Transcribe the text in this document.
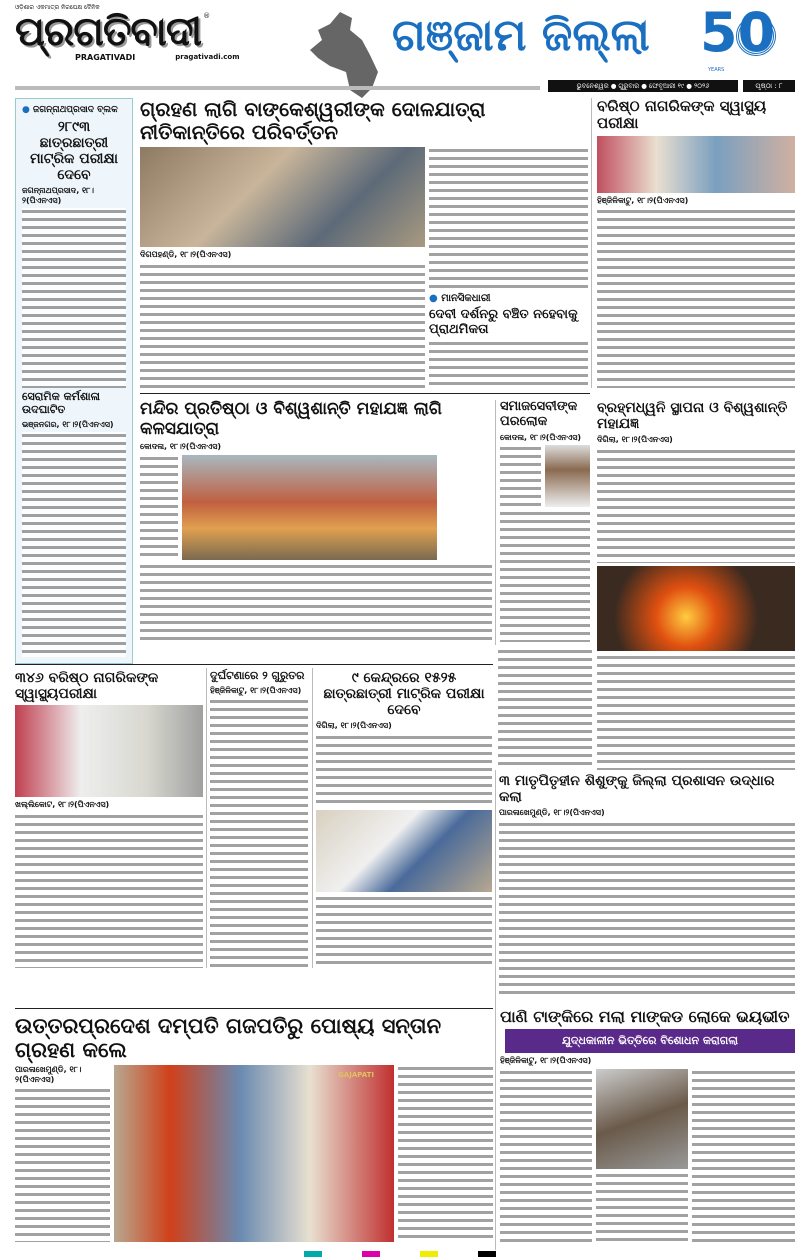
ଓଡ଼ିଶାର ଏକମାତ୍ର ନିରପେକ୍ଷ ଦୈନିକ
ପ୍ରଗତିବାଦୀ ®
PRAGATIVADI	pragativadi.com	ଗଞ୍ଜାମ ଜିଲ୍ଲା 50
YEARS
ଭୁବନେଶ୍ୱର ● ଗୁରୁବାର ● ଫେବୃଆରୀ ୧୯ ● ୨୦୨୬	ପୃଷ୍ଠା : ୮
● ଜଗନ୍ନାଥପ୍ରସାଦ ବ୍ଲକ
୨୮୯୩ ଛାତ୍ରଛାତ୍ରୀ ମାଟ୍ରିକ ପରୀକ୍ଷା ଦେବେ
ଜଗନ୍ନାଥପ୍ରସାଦ, ୧୮।୨(ପିଏନଏସ)
ସେରାମିକ କର୍ମଶାଳା ଉଦଘାଟିତ
ଭଞ୍ଜନଗର, ୧୮।୨(ପିଏନଏସ)
ଗ୍ରହଣ ଲାଗି ବାଙ୍କେଶ୍ୱରୀଙ୍କ ଦୋଳଯାତ୍ରା ନୀତିକାନ୍ତିରେ ପରିବର୍ତ୍ତନ
ଦିଗପହଣ୍ଡି, ୧୮।୨(ପିଏନଏସ)
● ମାନସିକଧାରୀ
ଦେବୀ ଦର୍ଶନରୁ ବଞ୍ଚିତ ନହେବାକୁ ପ୍ରାଥମିକତା
ବରିଷ୍ଠ ନାଗରିକଙ୍କ ସ୍ୱାସ୍ଥ୍ୟ ପରୀକ୍ଷା
ହିଞ୍ଜିଳିକାଟୁ, ୧୮।୨(ପିଏନଏସ)
ମନ୍ଦିର ପ୍ରତିଷ୍ଠା ଓ ବିଶ୍ୱଶାନ୍ତି ମହାଯଜ୍ଞ ଲାଗି କଳସଯାତ୍ରା
କୋଦଳା, ୧୮।୨(ପିଏନଏସ)
ସମାଜସେବୀଙ୍କ ପରଲୋକ
କୋଦଳା, ୧୮।୨(ପିଏନଏସ)
ବ୍ରହ୍ମଧ୍ୱନି ସ୍ଥାପନା ଓ ବିଶ୍ୱଶାନ୍ତି ମହାଯଜ୍ଞ
ଦିଗିଲା, ୧୮।୨(ପିଏନଏସ)
୩୪୬ ବରିଷ୍ଠ ନାଗରିକଙ୍କ ସ୍ୱାସ୍ଥ୍ୟପରୀକ୍ଷା
ଖଲ୍ଲିକୋଟ, ୧୮।୨(ପିଏନଏସ)
ଦୁର୍ଘଟଣାରେ ୨ ଗୁରୁତର
ହିଞ୍ଜିଳିକାଟୁ, ୧୮।୨(ପିଏନଏସ)
୯ କେନ୍ଦ୍ରରେ ୧୫୨୫ ଛାତ୍ରଛାତ୍ରୀ ମାଟ୍ରିକ ପରୀକ୍ଷା ଦେବେ
ଦିଗିଲା, ୧୮।୨(ପିଏନଏସ)
୩ ମାତୃପିତୃହୀନ ଶିଶୁଙ୍କୁ ଜିଲ୍ଲା ପ୍ରଶାସନ ଉଦ୍ଧାର କଲା
ପାରଳାଖେମୁଣ୍ଡି, ୧୮।୨(ପିଏନଏସ)
ପାଣି ଟାଙ୍କିରେ ମଲା ମାଙ୍କଡ ଲୋକେ ଭୟଭୀତ
ଯୁଦ୍ଧକାଳୀନ ଭିତ୍ତିରେ ବିଶୋଧନ କରାଗଲା
ହିଞ୍ଜିଳିକାଟୁ, ୧୮।୨(ପିଏନଏସ)
ଉତ୍ତରପ୍ରଦେଶ ଦମ୍ପତି ଗଜପତିରୁ ପୋଷ୍ୟ ସନ୍ତାନ ଗ୍ରହଣ କଲେ
ପାରଳାଖେମୁଣ୍ଡି, ୧୮।୨(ପିଏନଏସ)	GAJAPATI
